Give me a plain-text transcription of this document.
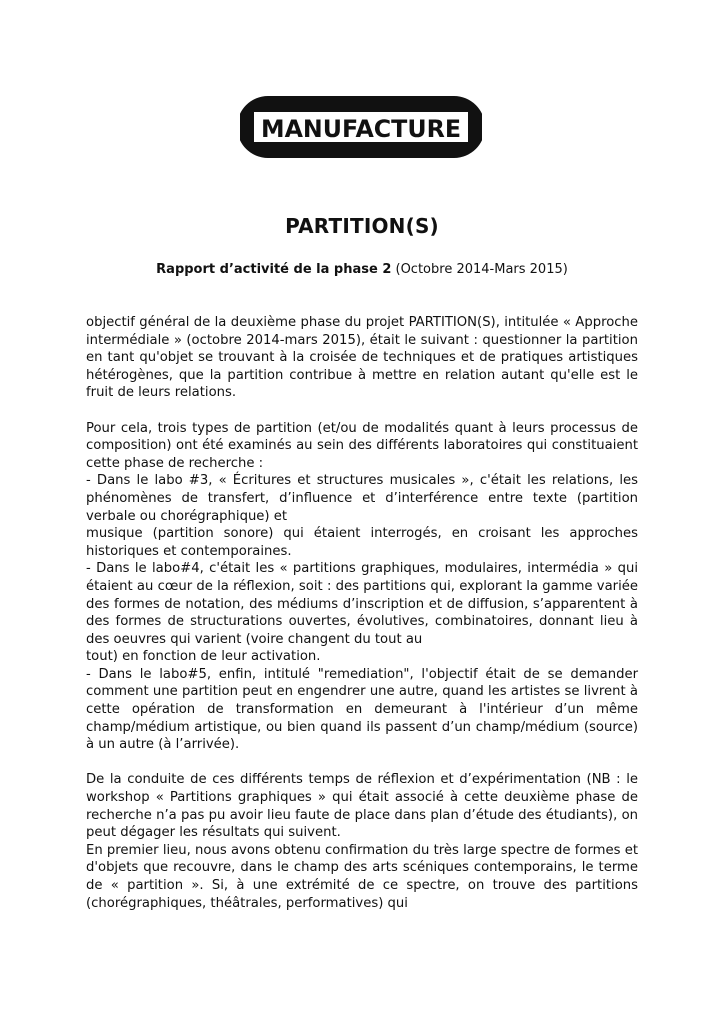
MANUFACTURE
PARTITION(S)
Rapport d’activité de la phase 2 (Octobre 2014-Mars 2015)

objectif général de la deuxième phase du projet PARTITION(S), intitulée « Approche intermédiale » (octobre 2014-mars 2015), était le suivant : questionner la partition en tant qu'objet se trouvant à la croisée de techniques et de pratiques artistiques hétérogènes, que la partition contribue à mettre en relation autant qu'elle est le fruit de leurs relations.

Pour cela, trois types de partition (et/ou de modalités quant à leurs processus de composition) ont été examinés au sein des différents laboratoires qui constituaient cette phase de recherche :

- Dans le labo #3, « Écritures et structures musicales », c'était les relations, les phénomènes de transfert, d’influence et d’interférence entre texte (partition verbale ou chorégraphique) et

musique (partition sonore) qui étaient interrogés, en croisant les approches historiques et contemporaines.

- Dans le labo#4, c'était les « partitions graphiques, modulaires, intermédia » qui étaient au cœur de la réflexion, soit : des partitions qui, explorant la gamme variée des formes de notation, des médiums d’inscription et de diffusion, s’apparentent à des formes de structurations ouvertes, évolutives, combinatoires, donnant lieu à des oeuvres qui varient (voire changent du tout au

tout) en fonction de leur activation.

- Dans le labo#5, enfin, intitulé "remediation", l'objectif était de se demander comment une partition peut en engendrer une autre, quand les artistes se livrent à cette opération de transformation en demeurant à l'intérieur d’un même champ/médium artistique, ou bien quand ils passent d’un champ/médium (source) à un autre (à l’arrivée).

De la conduite de ces différents temps de réflexion et d’expérimentation (NB : le workshop « Partitions graphiques » qui était associé à cette deuxième phase de recherche n’a pas pu avoir lieu faute de place dans plan d’étude des étudiants), on peut dégager les résultats qui suivent.

En premier lieu, nous avons obtenu confirmation du très large spectre de formes et d'objets que recouvre, dans le champ des arts scéniques contemporains, le terme de « partition ». Si, à une extrémité de ce spectre, on trouve des partitions (chorégraphiques, théâtrales, performatives) qui
